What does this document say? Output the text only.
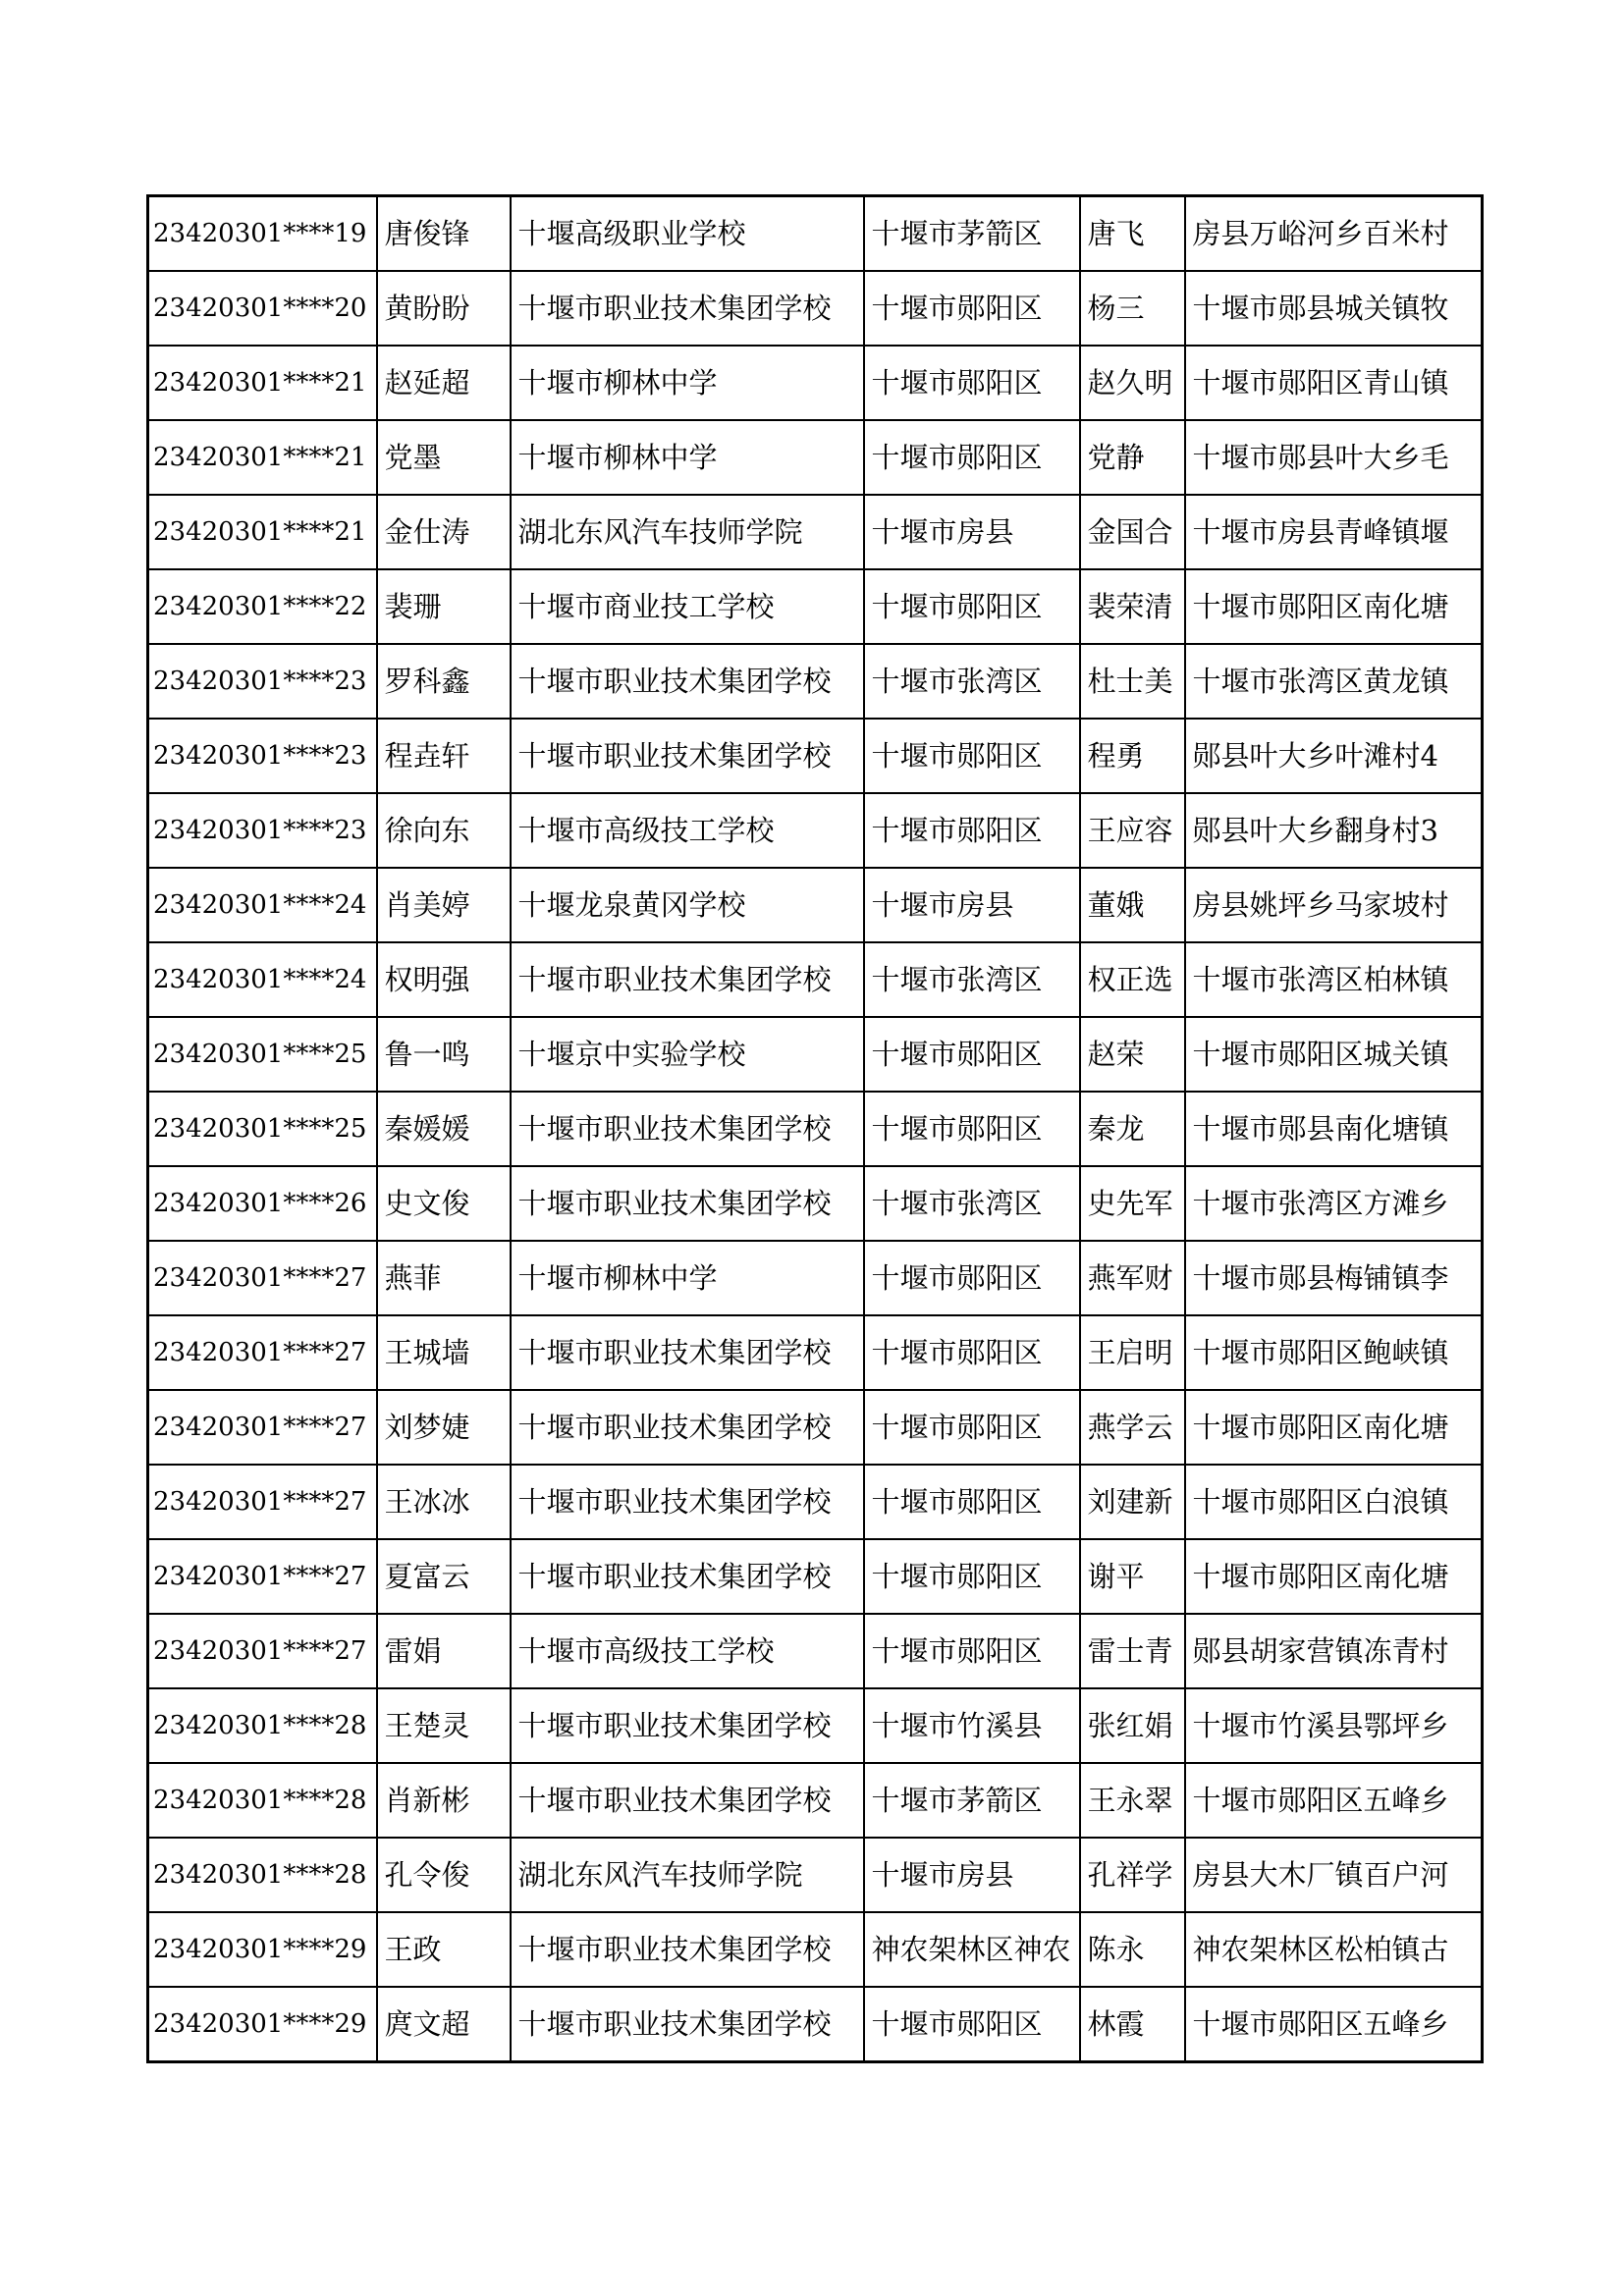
23420301****19	唐俊锋	十堰高级职业学校	十堰市茅箭区	唐飞	房县万峪河乡百米村
23420301****20	黄盼盼	十堰市职业技术集团学校	十堰市郧阳区	杨三	十堰市郧县城关镇牧
23420301****21	赵延超	十堰市柳林中学	十堰市郧阳区	赵久明	十堰市郧阳区青山镇
23420301****21	党墨	十堰市柳林中学	十堰市郧阳区	党静	十堰市郧县叶大乡毛
23420301****21	金仕涛	湖北东风汽车技师学院	十堰市房县	金国合	十堰市房县青峰镇堰
23420301****22	裴珊	十堰市商业技工学校	十堰市郧阳区	裴荣清	十堰市郧阳区南化塘
23420301****23	罗科鑫	十堰市职业技术集团学校	十堰市张湾区	杜士美	十堰市张湾区黄龙镇
23420301****23	程垚轩	十堰市职业技术集团学校	十堰市郧阳区	程勇	郧县叶大乡叶滩村4
23420301****23	徐向东	十堰市高级技工学校	十堰市郧阳区	王应容	郧县叶大乡翻身村3
23420301****24	肖美婷	十堰龙泉黄冈学校	十堰市房县	董娥	房县姚坪乡马家坡村
23420301****24	权明强	十堰市职业技术集团学校	十堰市张湾区	权正选	十堰市张湾区柏林镇
23420301****25	鲁一鸣	十堰京中实验学校	十堰市郧阳区	赵荣	十堰市郧阳区城关镇
23420301****25	秦媛媛	十堰市职业技术集团学校	十堰市郧阳区	秦龙	十堰市郧县南化塘镇
23420301****26	史文俊	十堰市职业技术集团学校	十堰市张湾区	史先军	十堰市张湾区方滩乡
23420301****27	燕菲	十堰市柳林中学	十堰市郧阳区	燕军财	十堰市郧县梅铺镇李
23420301****27	王城墙	十堰市职业技术集团学校	十堰市郧阳区	王启明	十堰市郧阳区鲍峡镇
23420301****27	刘梦婕	十堰市职业技术集团学校	十堰市郧阳区	燕学云	十堰市郧阳区南化塘
23420301****27	王冰冰	十堰市职业技术集团学校	十堰市郧阳区	刘建新	十堰市郧阳区白浪镇
23420301****27	夏富云	十堰市职业技术集团学校	十堰市郧阳区	谢平	十堰市郧阳区南化塘
23420301****27	雷娟	十堰市高级技工学校	十堰市郧阳区	雷士青	郧县胡家营镇冻青村
23420301****28	王楚灵	十堰市职业技术集团学校	十堰市竹溪县	张红娟	十堰市竹溪县鄂坪乡
23420301****28	肖新彬	十堰市职业技术集团学校	十堰市茅箭区	王永翠	十堰市郧阳区五峰乡
23420301****28	孔令俊	湖北东风汽车技师学院	十堰市房县	孔祥学	房县大木厂镇百户河
23420301****29	王政	十堰市职业技术集团学校	神农架林区神农	陈永	神农架林区松柏镇古
23420301****29	庹文超	十堰市职业技术集团学校	十堰市郧阳区	林霞	十堰市郧阳区五峰乡
